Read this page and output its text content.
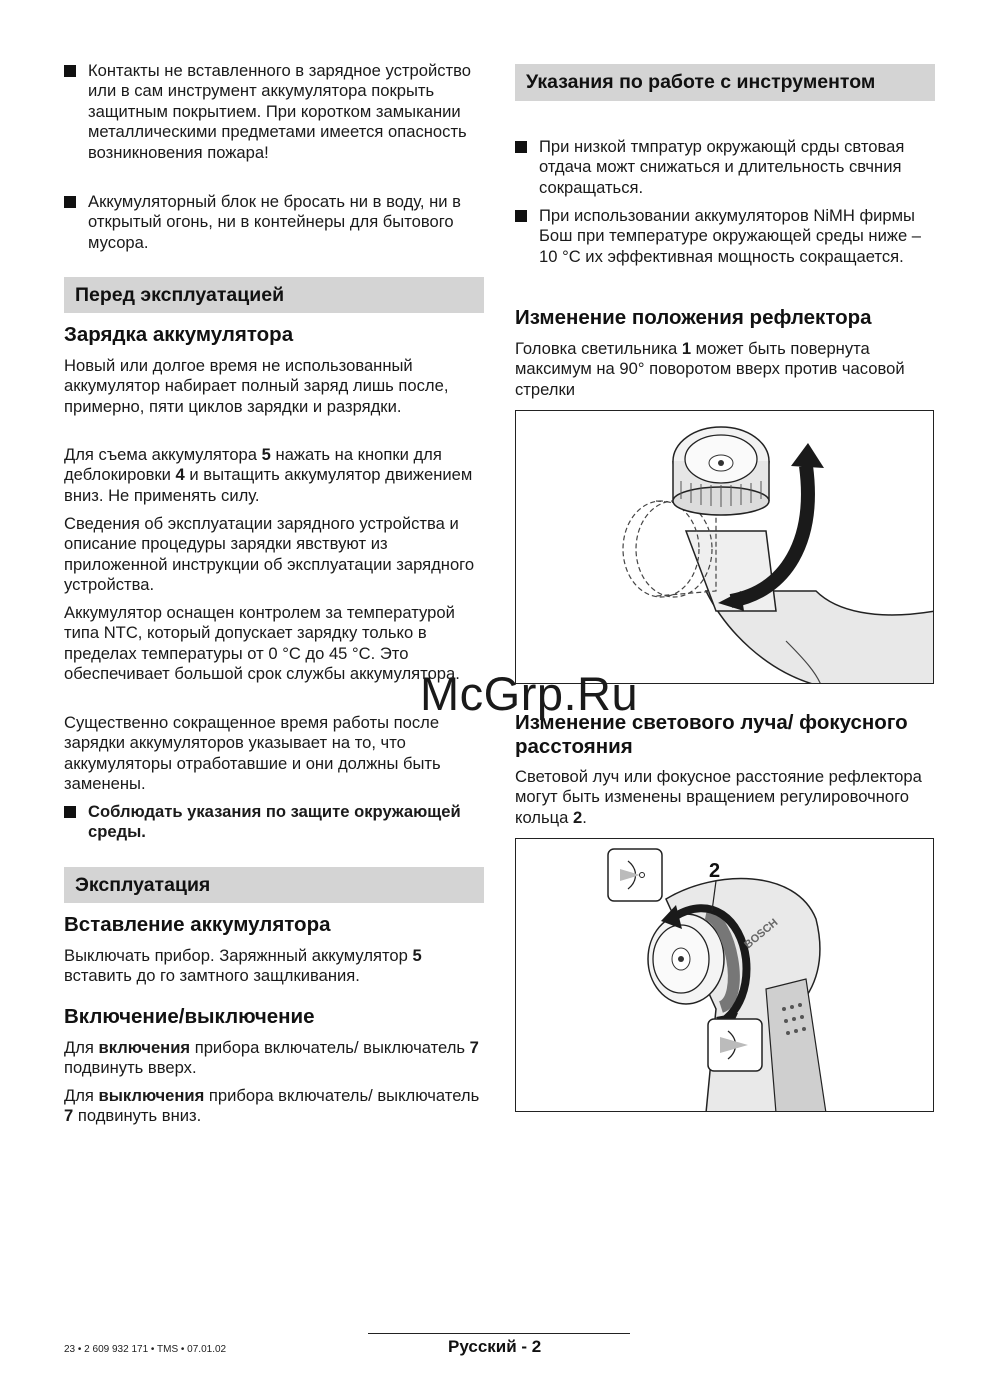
Контакты не вставленного в зарядное устройство или в сам инструмент аккумулятора покрыть защитным покрытием. При коротком замыкании металлическими предметами имеется опасность возникновения пожара!

Аккумуляторный блок не бросать ни в воду, ни в открытый огонь, ни в контейнеры для бытового мусора.

Перед эксплуатацией
Зарядка аккумулятора

Новый или долгое время не использованный аккумулятор набирает полный заряд лишь после, примерно, пяти циклов зарядки и разрядки.

Для съема аккумулятора 5 нажать на кнопки для деблокировки 4 и вытащить аккумулятор движением вниз. Не применять силу.

Сведения об эксплуатации зарядного устройства и описание процедуры зарядки явствуют из приложенной инструкции об эксплуатации зарядного устройства.

Аккумулятор оснащен контролем за температурой типа NTC, который допускает зарядку только в пределах температуры от 0 °C до 45 °C. Это обеспечивает большой срок службы аккумулятора.

Существенно сокращенное время работы после зарядки аккумуляторов указывает на то, что аккумуляторы отработавшие и они должны быть заменены.

Соблюдать указания по защите окружающей среды.

Эксплуатация
Вставление аккумулятора

Выключать прибор. Заряжнный аккумулятор 5 вставить до го замтного защлкивания.

Включение/выключение

Для включения прибора включатель/ выключатель 7 подвинуть вверх.

Для выключения прибора включатель/ выключатель 7 подвинуть вниз.

Указания по работе с инструментом

При низкой тмпратур окружающй срды свтовая отдача можт снижаться и длительность свчния сокращаться.

При использовании аккумуляторов NiMH фирмы Бош при температуре окружающей среды ниже –10 °C их эффективная мощность сокращается.

Изменение положения рефлектора

Головка светильника 1 может быть повернута максимум на 90° поворотом вверх против часовой стрелки

Изменение светового луча/ фокусного расстояния

Световой луч или фокусное расстояние рефлектора могут быть изменены вращением регулировочного кольца 2.

BOSCH
2
McGrp.Ru
23 • 2 609 932 171 • TMS • 07.01.02	Русский - 2
